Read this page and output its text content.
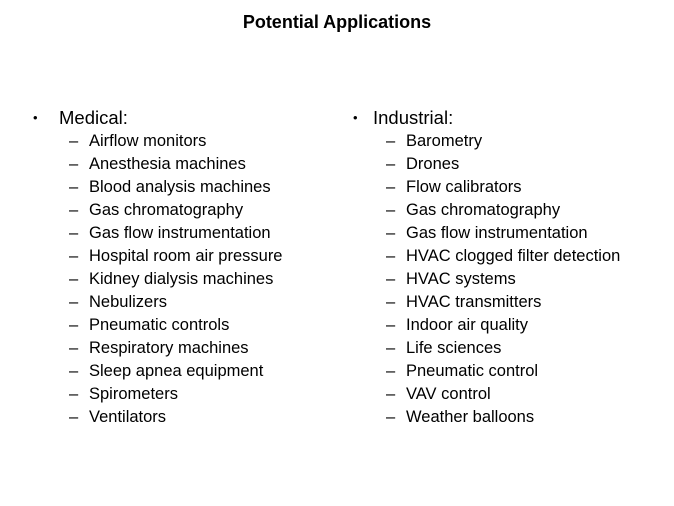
Potential Applications
•	Medical:
– Airflow monitors
– Anesthesia machines
– Blood analysis machines
– Gas chromatography
– Gas flow instrumentation
– Hospital room air pressure
– Kidney dialysis machines
– Nebulizers
– Pneumatic controls
– Respiratory machines
– Sleep apnea equipment
– Spirometers
– Ventilators
• Industrial:
– Barometry
– Drones
– Flow calibrators
– Gas chromatography
– Gas flow instrumentation
– HVAC clogged filter detection
– HVAC systems
– HVAC transmitters
– Indoor air quality
– Life sciences
– Pneumatic control
– VAV control
– Weather balloons
